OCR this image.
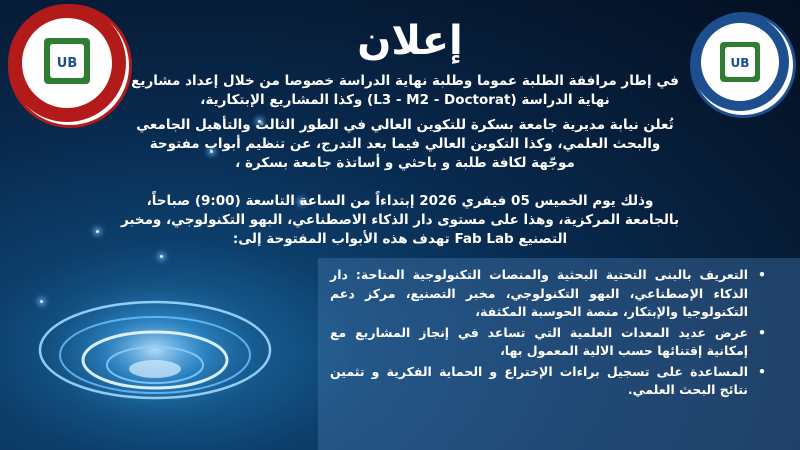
UB	UB
إعلان
في إطار مرافقة الطلبة عموما وطلبة نهاية الدراسة خصوصا من خلال إعداد مشاريع نهاية الدراسة (L3 - M2 - Doctorat) وكذا المشاريع الإبتكارية،
تُعلن نيابة مديرية جامعة بسكرة للتكوين العالي في الطور الثالث والتأهيل الجامعي والبحث العلمي، وكذا التكوين العالي فيما بعد التدرج، عن تنظيم أبواب مفتوحة موجّهة لكافة طلبة و باحثي و أساتذة جامعة بسكرة ،
وذلك يوم الخميس 05 فيفري 2026 إبتداءاً من الساعة التاسعة (9:00) صباحاً، بالجامعة المركزية، وهذا على مستوى دار الذكاء الاصطناعي، البهو التكنولوجي، ومخبر التصنيع Fab Lab تهدف هذه الأبواب المفتوحة إلى:
•
التعريف بالبنى التحتية البحثية والمنصات التكنولوجية المتاحة: دار الذكاء الإصطناعي، البهو التكنولوجي، مخبر التصنيع، مركز دعم التكنولوجيا والإبتكار، منصة الحوسبة المكثفة،
•
عرض عديد المعدات العلمية التي تساعد في إنجاز المشاريع مع إمكانية إقتنائها حسب الالية المعمول بها،
•
المساعدة على تسجيل براءات الإختراع و الحماية الفكرية و تثمين نتائج البحث العلمي.
